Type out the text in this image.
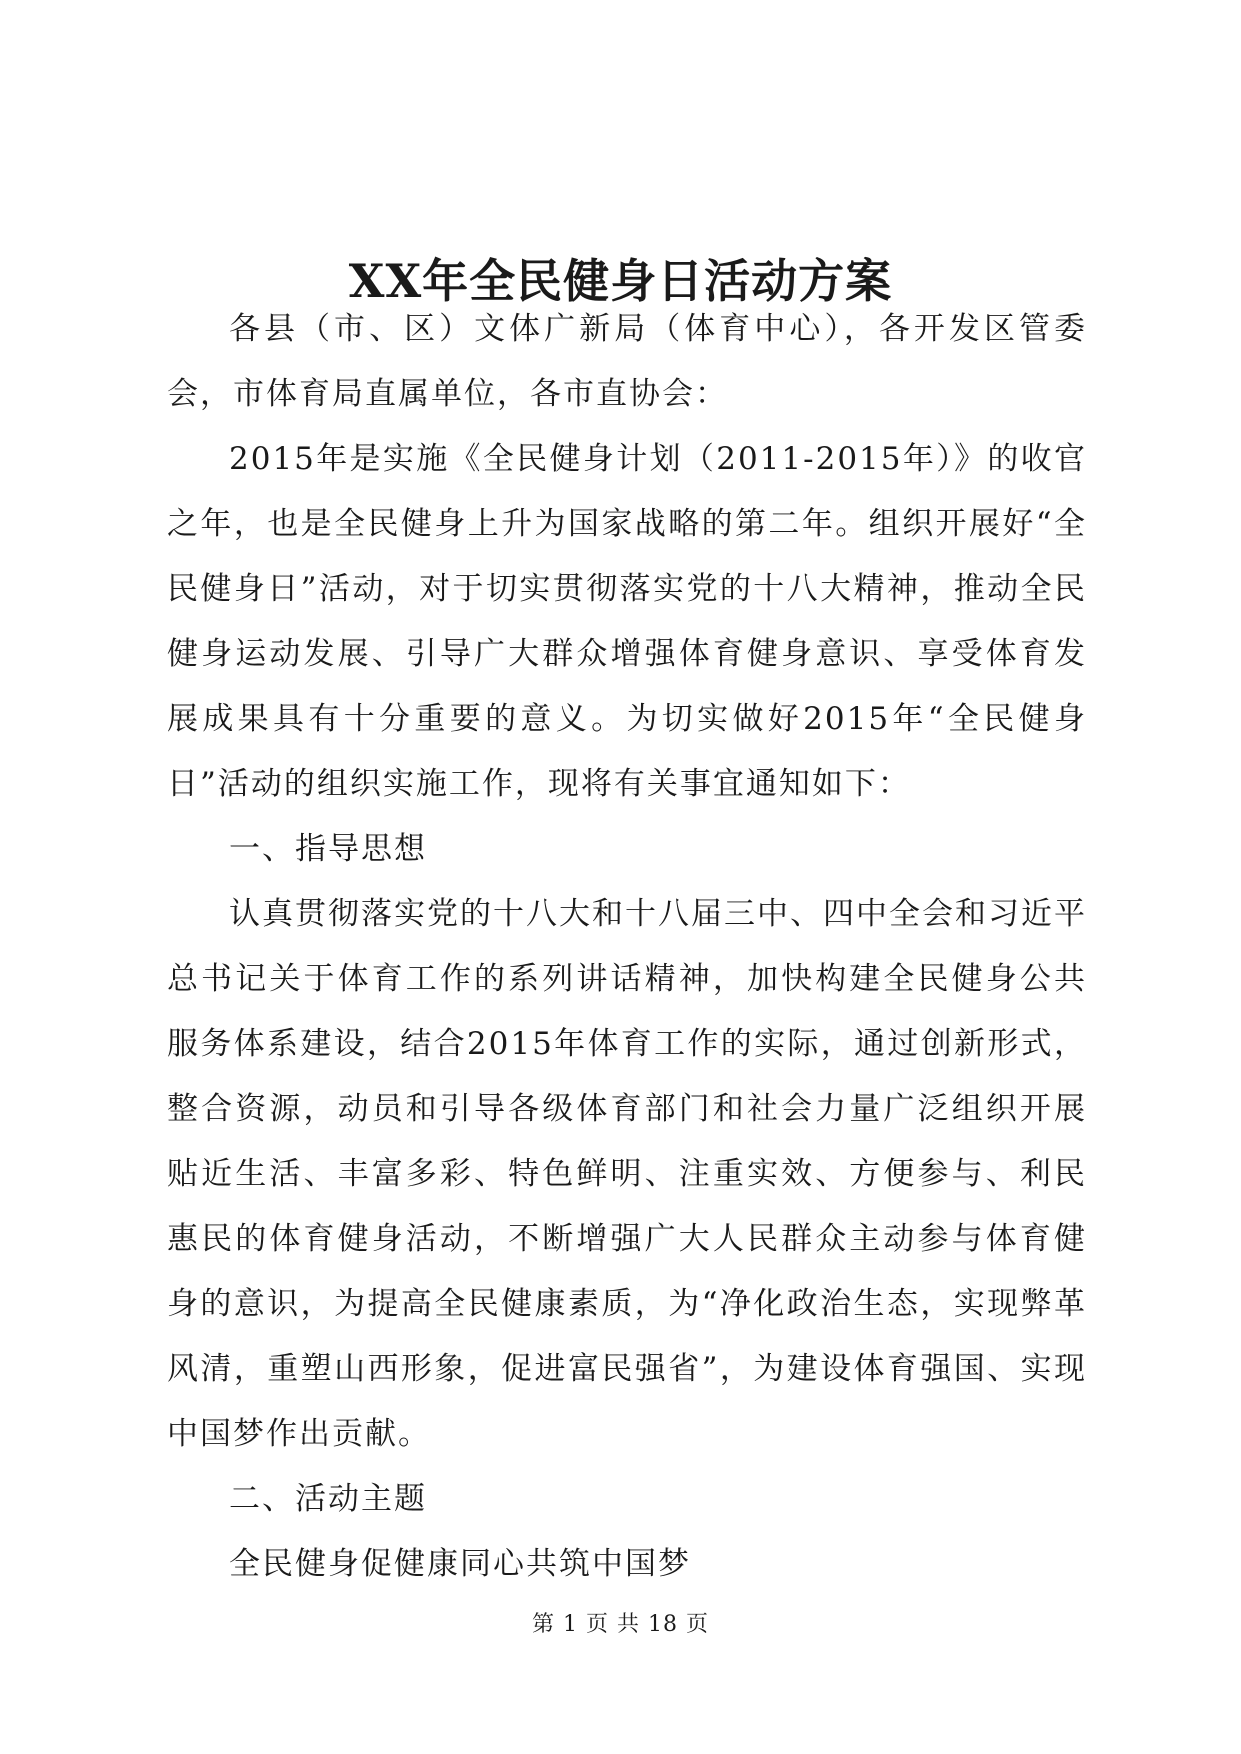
XX年全民健身日活动方案

各县（市、区）文体广新局（体育中心），各开发区管委会，市体育局直属单位，各市直协会：

2015年是实施《全民健身计划（2011-2015年）》的收官之年，也是全民健身上升为国家战略的第二年。组织开展好“全民健身日”活动，对于切实贯彻落实党的十八大精神，推动全民健身运动发展、引导广大群众增强体育健身意识、享受体育发展成果具有十分重要的意义。为切实做好2015年“全民健身日”活动的组织实施工作，现将有关事宜通知如下：

一、指导思想

认真贯彻落实党的十八大和十八届三中、四中全会和习近平总书记关于体育工作的系列讲话精神，加快构建全民健身公共服务体系建设，结合2015年体育工作的实际，通过创新形式，整合资源，动员和引导各级体育部门和社会力量广泛组织开展贴近生活、丰富多彩、特色鲜明、注重实效、方便参与、利民惠民的体育健身活动，不断增强广大人民群众主动参与体育健身的意识，为提高全民健康素质，为“净化政治生态，实现弊革风清，重塑山西形象，促进富民强省”，为建设体育强国、实现中国梦作出贡献。

二、活动主题

全民健身促健康同心共筑中国梦

第 1 页 共 18 页
